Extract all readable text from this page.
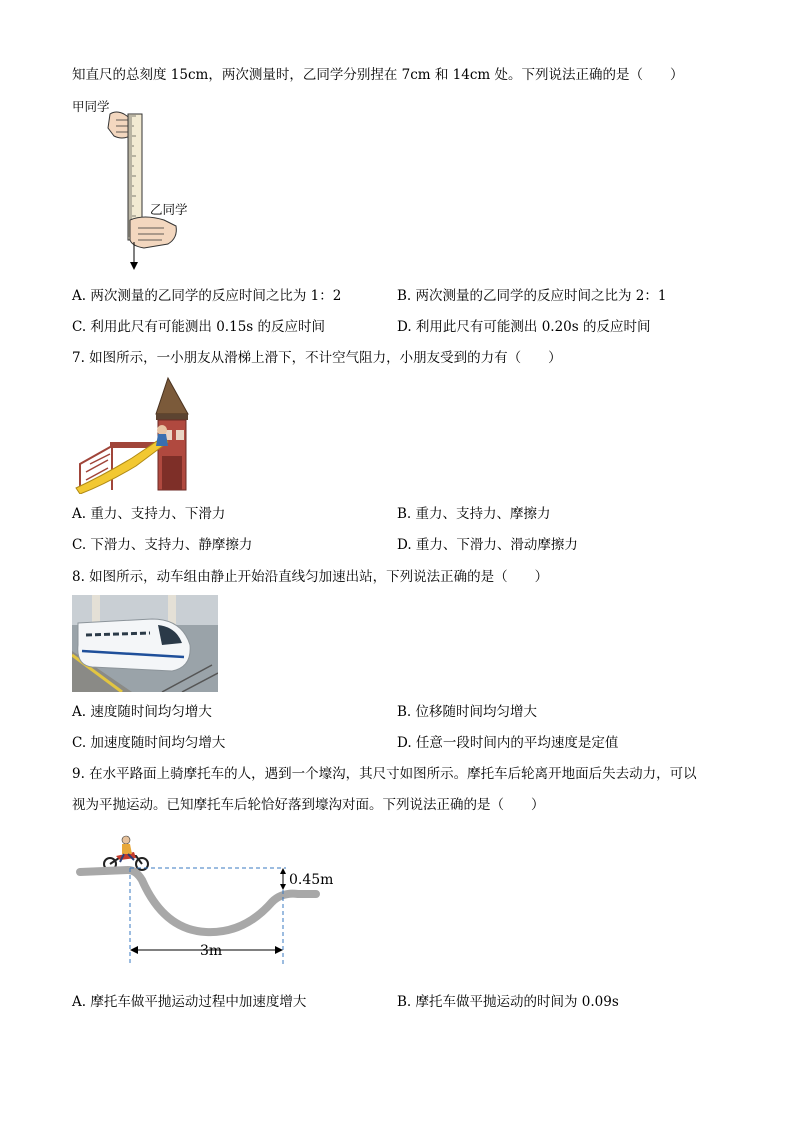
知直尺的总刻度 15cm，两次测量时，乙同学分别捏在 7cm 和 14cm 处。下列说法正确的是（　　）
甲同学
乙同学
A. 两次测量的乙同学的反应时间之比为 1：2	B. 两次测量的乙同学的反应时间之比为 2：1
C. 利用此尺有可能测出 0.15s 的反应时间	D. 利用此尺有可能测出 0.20s 的反应时间
7. 如图所示，一小朋友从滑梯上滑下，不计空气阻力，小朋友受到的力有（　　）
A. 重力、支持力、下滑力	B. 重力、支持力、摩擦力
C. 下滑力、支持力、静摩擦力	D. 重力、下滑力、滑动摩擦力
8. 如图所示，动车组由静止开始沿直线匀加速出站，下列说法正确的是（　　）
A. 速度随时间均匀增大	B. 位移随时间均匀增大
C. 加速度随时间均匀增大	D. 任意一段时间内的平均速度是定值
9. 在水平路面上骑摩托车的人，遇到一个壕沟，其尺寸如图所示。摩托车后轮离开地面后失去动力，可以
视为平抛运动。已知摩托车后轮恰好落到壕沟对面。下列说法正确的是（　　）
0.45m
3m
A. 摩托车做平抛运动过程中加速度增大	B. 摩托车做平抛运动的时间为 0.09s
